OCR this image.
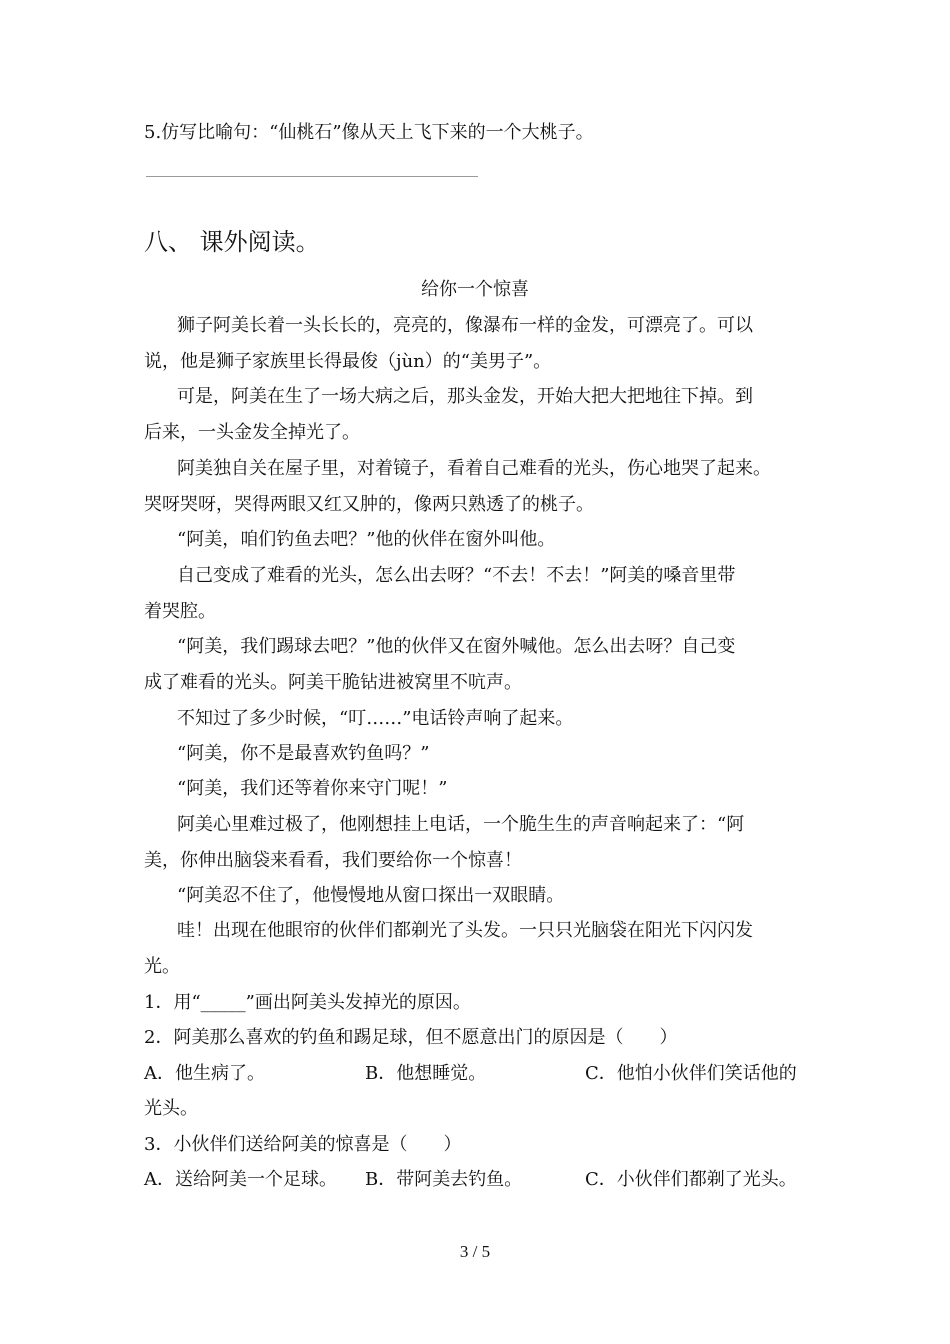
5.仿写比喻句：“仙桃石”像从天上飞下来的一个大桃子。
八、 课外阅读。
给你一个惊喜
狮子阿美长着一头长长的，亮亮的，像瀑布一样的金发，可漂亮了。可以
说，他是狮子家族里长得最俊（jùn）的“美男子”。
可是，阿美在生了一场大病之后，那头金发，开始大把大把地往下掉。到
后来，一头金发全掉光了。
阿美独自关在屋子里，对着镜子，看着自己难看的光头，伤心地哭了起来。
哭呀哭呀，哭得两眼又红又肿的，像两只熟透了的桃子。
“阿美，咱们钓鱼去吧？”他的伙伴在窗外叫他。
自己变成了难看的光头，怎么出去呀？“不去！不去！”阿美的嗓音里带
着哭腔。
“阿美，我们踢球去吧？”他的伙伴又在窗外喊他。怎么出去呀？自己变
成了难看的光头。阿美干脆钻进被窝里不吭声。
不知过了多少时候，“叮……”电话铃声响了起来。
“阿美，你不是最喜欢钓鱼吗？”
“阿美，我们还等着你来守门呢！”
阿美心里难过极了，他刚想挂上电话，一个脆生生的声音响起来了：“阿
美，你伸出脑袋来看看，我们要给你一个惊喜！
“阿美忍不住了，他慢慢地从窗口探出一双眼睛。
哇！出现在他眼帘的伙伴们都剃光了头发。一只只光脑袋在阳光下闪闪发
光。
1．用“_____”画出阿美头发掉光的原因。
2．阿美那么喜欢的钓鱼和踢足球，但不愿意出门的原因是（　　）
A．他生病了。	B．他想睡觉。	C．他怕小伙伴们笑话他的
光头。
3．小伙伴们送给阿美的惊喜是（　　）
A．送给阿美一个足球。 B．带阿美去钓鱼。	C．小伙伴们都剃了光头。
3 / 5
